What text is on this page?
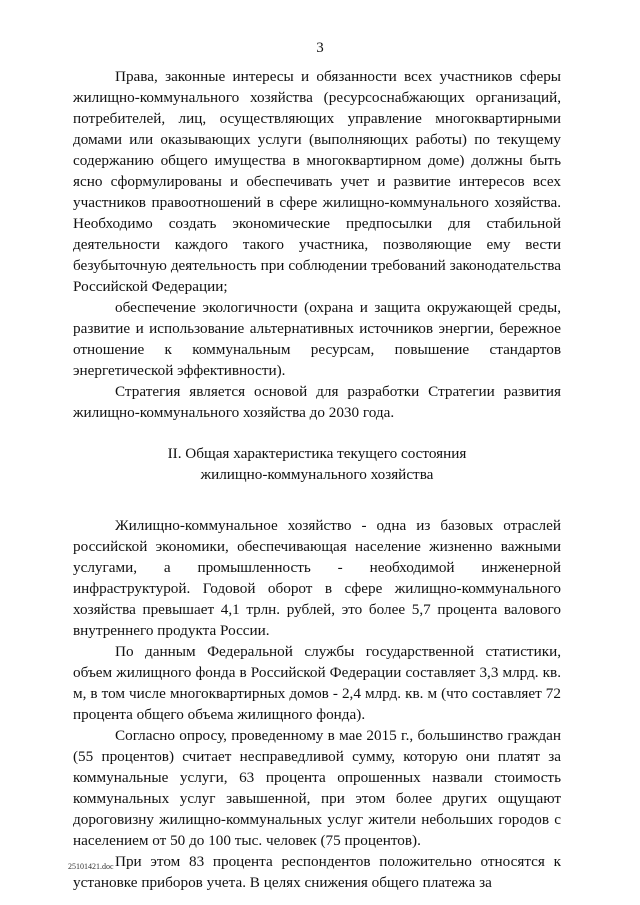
3

Права, законные интересы и обязанности всех участников сферы жилищно-коммунального хозяйства (ресурсоснабжающих организаций, потребителей, лиц, осуществляющих управление многоквартирными домами или оказывающих услуги (выполняющих работы) по текущему содержанию общего имущества в многоквартирном доме) должны быть ясно сформулированы и обеспечивать учет и развитие интересов всех участников правоотношений в сфере жилищно-коммунального хозяйства. Необходимо создать экономические предпосылки для стабильной деятельности каждого такого участника, позволяющие ему вести безубыточную деятельность при соблюдении требований законодательства Российской Федерации;

обеспечение экологичности (охрана и защита окружающей среды, развитие и использование альтернативных источников энергии, бережное отношение к коммунальным ресурсам, повышение стандартов энергетической эффективности).

Стратегия является основой для разработки Стратегии развития жилищно-коммунального хозяйства до 2030 года.

II. Общая характеристика текущего состояния
жилищно-коммунального хозяйства

Жилищно-коммунальное хозяйство - одна из базовых отраслей российской экономики, обеспечивающая население жизненно важными услугами, а промышленность - необходимой инженерной инфраструктурой. Годовой оборот в сфере жилищно-коммунального хозяйства превышает 4,1 трлн. рублей, это более 5,7 процента валового внутреннего продукта России.

По данным Федеральной службы государственной статистики, объем жилищного фонда в Российской Федерации составляет 3,3 млрд. кв. м, в том числе многоквартирных домов - 2,4 млрд. кв. м (что составляет 72 процента общего объема жилищного фонда).

Согласно опросу, проведенному в мае 2015 г., большинство граждан (55 процентов) считает несправедливой сумму, которую они платят за коммунальные услуги, 63 процента опрошенных назвали стоимость коммунальных услуг завышенной, при этом более других ощущают дороговизну жилищно-коммунальных услуг жители небольших городов с населением от 50 до 100 тыс. человек (75 процентов).

При этом 83 процента респондентов положительно относятся к установке приборов учета. В целях снижения общего платежа за

25101421.doc
